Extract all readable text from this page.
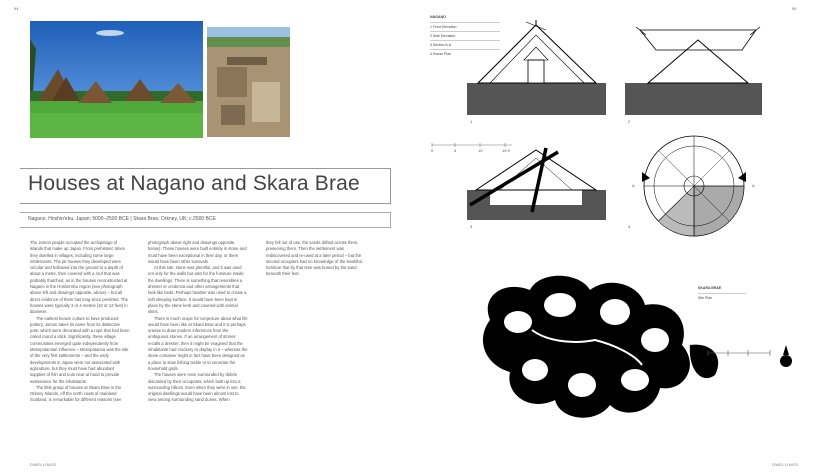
94
Houses at Nagano and Skara Brae
Nagano, Hoshin'ebu, Japan; 5000–2500 BCE | Skara Brae, Orkney, UK; c.2500 BCE

The Jomon people occupied the archipelago of islands that make up Japan. From prehistoric times they dwelled in villages, including some large settlements. The pit houses they developed were circular and hollowed into the ground to a depth of about a metre, then covered with a roof that was probably thatched, as in the houses reconstructed at Nagano in the Hoshin'ebu region (see photograph above left and drawings opposite, above) – but all direct evidence of them has long since perished. The houses were typically 3 or 4 metres (10 or 13 feet) in diameter.

The earliest known culture to have produced pottery, Jomon takes its name from its distinctive pots, which were decorated with a rope that had been coiled round a stick. Significantly, these village communities emerged quite independently from Mesopotamian influence – Mesopotamia was the site of the very first settlements – and the early developments in Japan were not associated with agriculture, but they must have had abundant supplies of fish and nuts near at hand to provide sustenance for the inhabitants.

The little group of houses at Skara Brae in the Orkney Islands, off the north coast of mainland Scotland, is remarkable for different reasons (see

photograph above right and drawings opposite, below). These houses were built entirely in stone and must have been exceptional in their day, or there would have been other survivals.

At this site, stone was plentiful, and it was used not only for the walls but also for the furniture inside the dwellings. There is something that resembles a dresser or credenza and other arrangements that look like beds. Perhaps heather was used to create a soft sleeping surface. It would have been kept in place by the stone kerb and covered with animal skins.

There is much scope for conjecture about what life would have been like at Skara Brae and it is perhaps unwise to draw modern inferences from the ambiguous stones. If an arrangement of stones recalls a dresser, then it might be imagined that the inhabitants had crockery to display in it – whereas the stone container might in fact have been designed as a place to stow fishing tackle or to venerate the household gods.

The houses were once surrounded by debris discarded by their occupants, which built up into a surrounding hillock. Even when they were in use, the original dwellings would have been almost lost to view among surrounding sand dunes. When

they fell out of use, the sands drifted across them, preserving them. Then the settlement was rediscovered and re-used at a later period – but the second occupiers had no knowledge of the Neolithic furniture that by that time was buried by the sand beneath their feet.

DWELLINGS
95
NAGANO
1 Front Elevation
2 Side Elevation
3 Section A-A
4 House Plan
1	2
3	4
A	A
0	5	10	15 ft
SKARA BRAE
Site Plan
DWELLINGS
